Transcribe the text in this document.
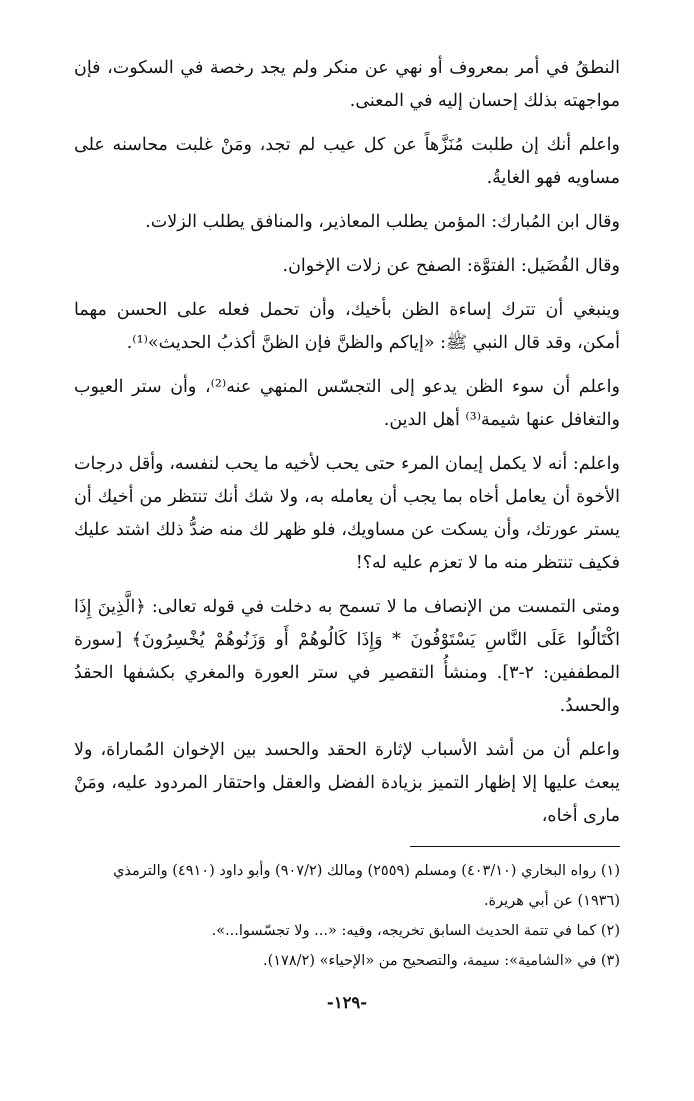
النطقُ في أمر بمعروف أو نهي عن منكر ولم يجد رخصة في السكوت، فإن مواجهته بذلك إحسان إليه في المعنى.

واعلم أنك إن طلبت مُنَزَّهاً عن كل عيب لم تجد، ومَنْ غلبت محاسنه على مساويه فهو الغايةُ.

وقال ابن المُبارك: المؤمن يطلب المعاذير، والمنافق يطلب الزلات.

وقال الفُضَيل: الفتوَّة: الصفح عن زلات الإخوان.

وينبغي أن تترك إساءة الظن بأخيك، وأن تحمل فعله على الحسن مهما أمكن، وقد قال النبي ﷺ: «إياكم والظنَّ فإن الظنَّ أكذبُ الحديث»⁽¹⁾.

واعلم أن سوء الظن يدعو إلى التجسّس المنهي عنه⁽²⁾، وأن ستر العيوب والتغافل عنها شيمة⁽³⁾ أهل الدين.

واعلم: أنه لا يكمل إيمان المرء حتى يحب لأخيه ما يحب لنفسه، وأقل درجات الأخوة أن يعامل أخاه بما يجب أن يعامله به، ولا شك أنك تنتظر من أخيك أن يستر عورتك، وأن يسكت عن مساويك، فلو ظهر لك منه ضدُّ ذلك اشتد عليك فكيف تنتظر منه ما لا تعزم عليه له؟!

ومتى التمست من الإنصاف ما لا تسمح به دخلت في قوله تعالى: ﴿الَّذِينَ إِذَا اكْتَالُوا عَلَى النَّاسِ يَسْتَوْفُونَ * وَإِذَا كَالُوهُمْ أَو وَزَنُوهُمْ يُخْسِرُونَ﴾ [سورة المطففين: ٢-٣]. ومنشأُ التقصير في ستر العورة والمغري بكشفها الحقدُ والحسدُ.

واعلم أن من أشد الأسباب لإثارة الحقد والحسد بين الإخوان المُماراة، ولا يبعث عليها إلا إظهار التميز بزيادة الفضل والعقل واحتقار المردود عليه، ومَنْ مارى أخاه،

(١) رواه البخاري (٤٠٣/١٠) ومسلم (٢٥٥٩) ومالك (٩٠٧/٢) وأبو داود (٤٩١٠) والترمذي (١٩٣٦) عن أبي هريرة.

(٢) كما في تتمة الحديث السابق تخريجه، وفيه: «... ولا تجسّسوا...».

(٣) في «الشامية»: سيمة، والتصحيح من «الإحياء» (١٧٨/٢).

-١٢٩-
